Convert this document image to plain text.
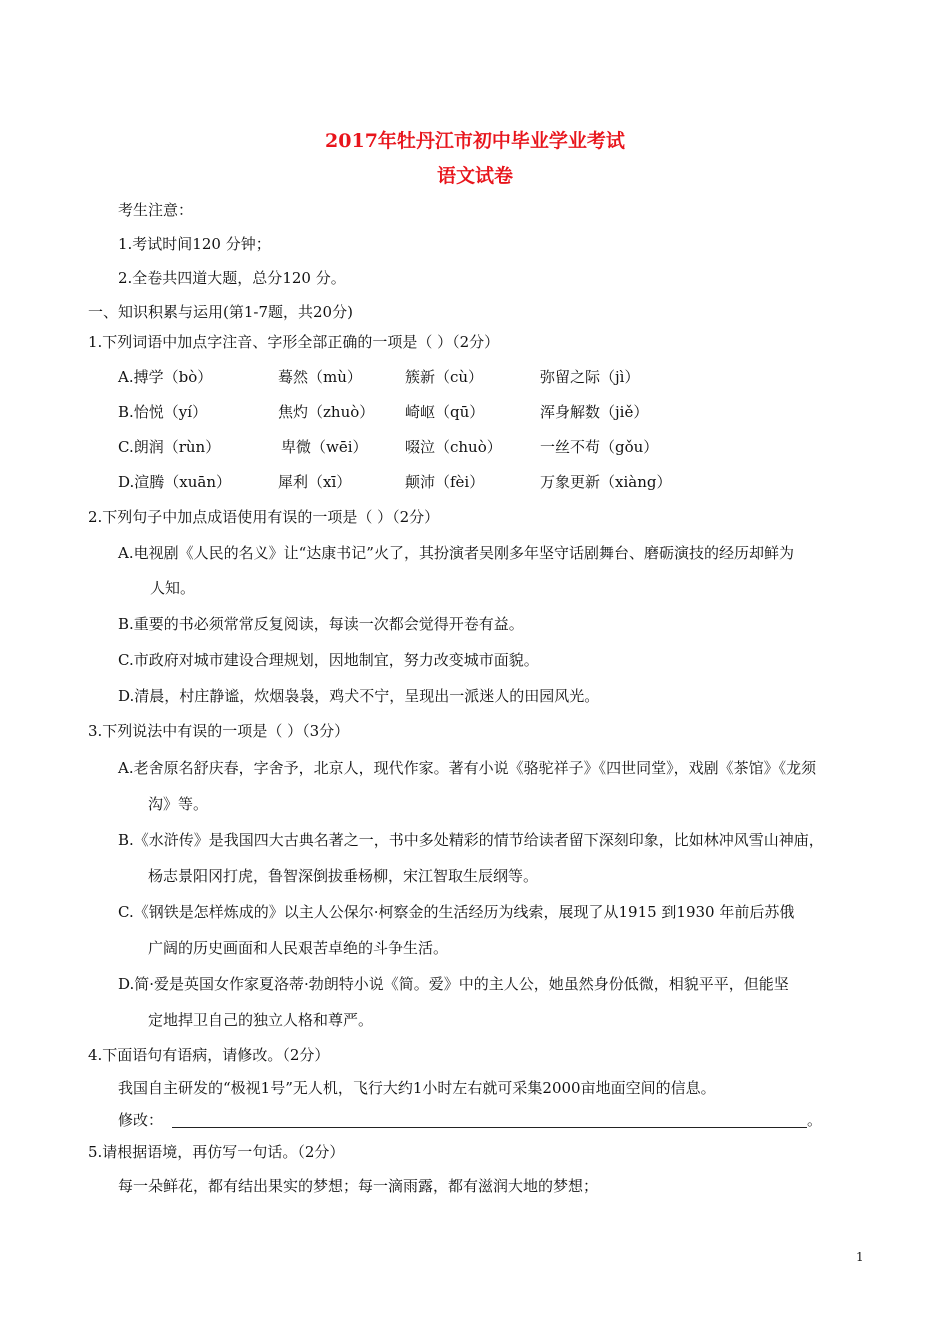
2017年牡丹江市初中毕业学业考试
语文试卷
考生注意：
1.考试时间120 分钟；
2.全卷共四道大题，总分120 分。
一、知识积累与运用(第1-7题，共20分)
1.下列词语中加点字注音、字形全部正确的一项是（ ）（2分）
A.搏学（bò）	蓦然（mù）	簇新（cù）	弥留之际（jì）
B.怡悦（yí）	焦灼（zhuò） 崎岖（qū）	浑身解数（jiě）
C.朗润（rùn）	卑微（wēi） 啜泣（chuò）	一丝不苟（gǒu）
D.渲腾（xuān）	犀利（xī）	颠沛（fèi）	万象更新（xiàng）
2.下列句子中加点成语使用有误的一项是（ ）（2分）
A.电视剧《人民的名义》让“达康书记”火了，其扮演者吴刚多年坚守话剧舞台、磨砺演技的经历却鲜为
人知。
B.重要的书必须常常反复阅读，每读一次都会觉得开卷有益。
C.市政府对城市建设合理规划，因地制宜，努力改变城市面貌。
D.清晨，村庄静谧，炊烟袅袅，鸡犬不宁，呈现出一派迷人的田园风光。
3.下列说法中有误的一项是（ ）（3分）
A.老舍原名舒庆春，字舍予，北京人，现代作家。著有小说《骆驼祥子》《四世同堂》，戏剧《茶馆》《龙须
沟》等。
B.《水浒传》是我国四大古典名著之一，书中多处精彩的情节给读者留下深刻印象，比如林冲风雪山神庙，
杨志景阳冈打虎，鲁智深倒拔垂杨柳，宋江智取生辰纲等。
C.《钢铁是怎样炼成的》以主人公保尔·柯察金的生活经历为线索，展现了从1915 到1930 年前后苏俄
广阔的历史画面和人民艰苦卓绝的斗争生活。
D.简·爱是英国女作家夏洛蒂·勃朗特小说《简。爱》中的主人公，她虽然身份低微，相貌平平，但能坚
定地捍卫自己的独立人格和尊严。
4.下面语句有语病，请修改。（2分）
我国自主研发的“极视1号”无人机，飞行大约1小时左右就可采集2000亩地面空间的信息。
修改：	。
5.请根据语境，再仿写一句话。（2分）
每一朵鲜花，都有结出果实的梦想；每一滴雨露，都有滋润大地的梦想；
1
